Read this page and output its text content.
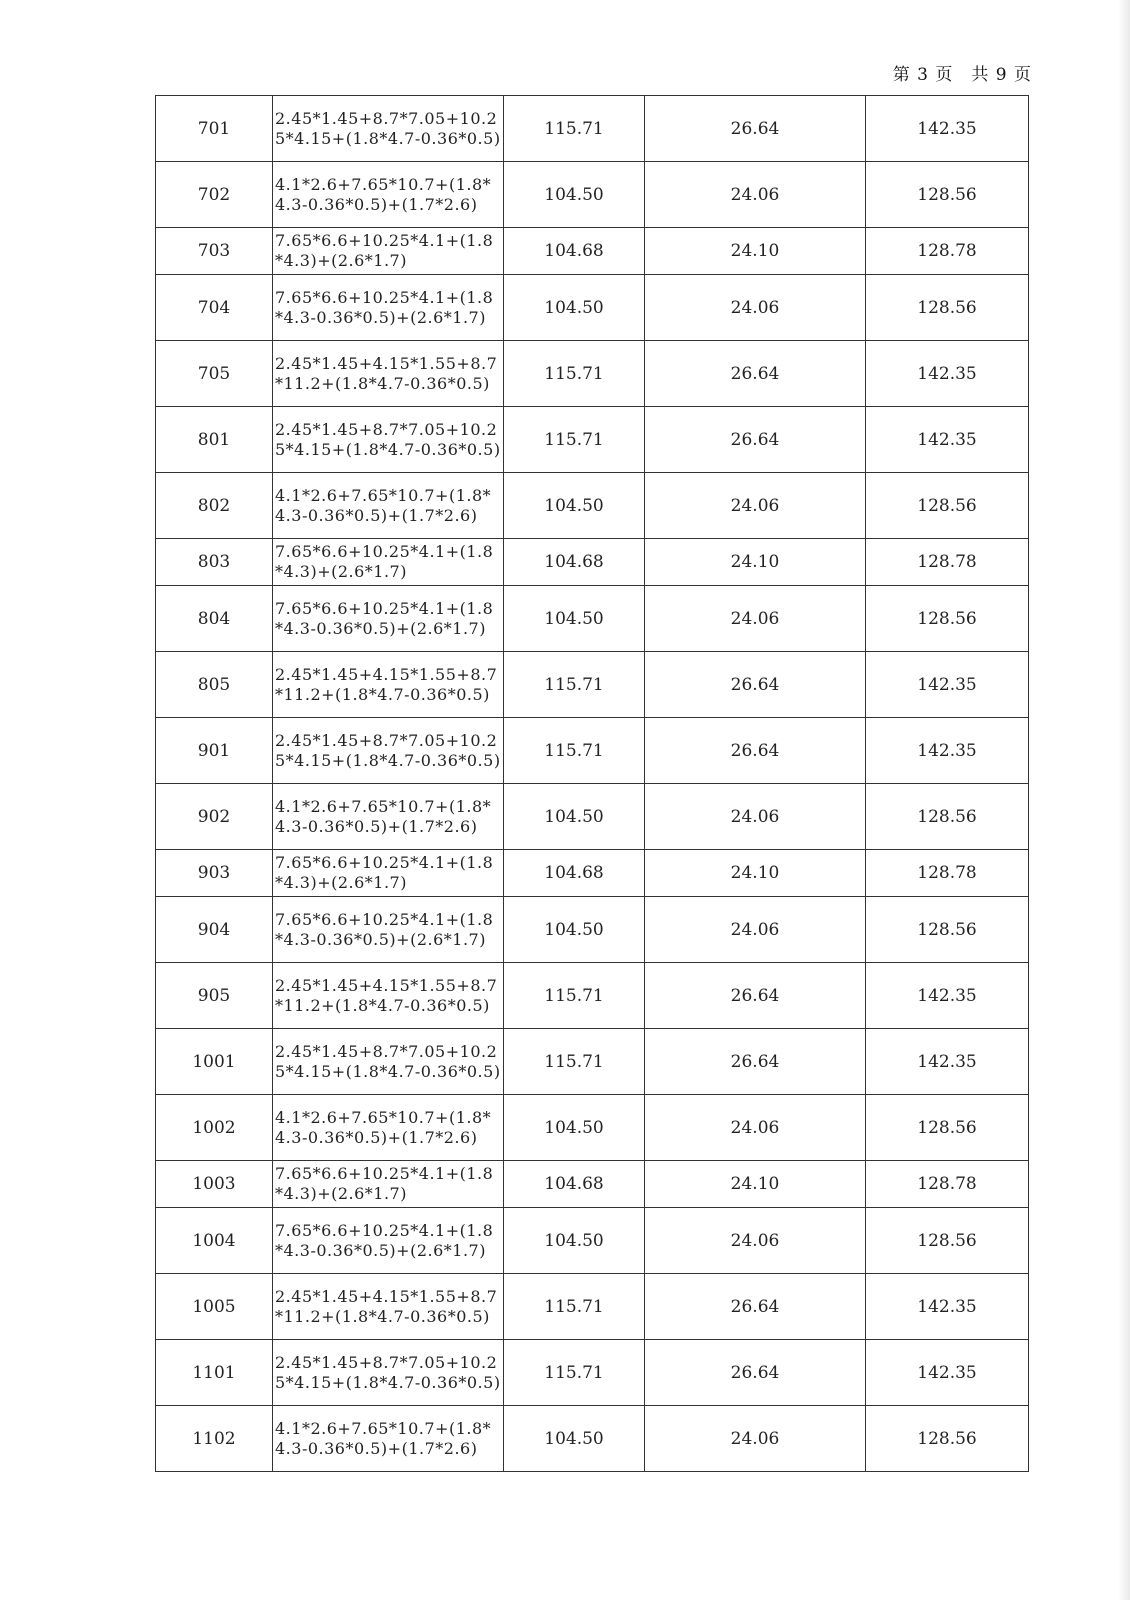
第 3 页 共 9 页
701	2.45*1.45+8.7*7.05+10.25*4.15+(1.8*4.7-0.36*0.5)	115.71	26.64	142.35
702	4.1*2.6+7.65*10.7+(1.8*4.3-0.36*0.5)+(1.7*2.6)	104.50	24.06	128.56
703	7.65*6.6+10.25*4.1+(1.8*4.3)+(2.6*1.7)	104.68	24.10	128.78
704	7.65*6.6+10.25*4.1+(1.8*4.3-0.36*0.5)+(2.6*1.7)	104.50	24.06	128.56
705	2.45*1.45+4.15*1.55+8.7*11.2+(1.8*4.7-0.36*0.5)	115.71	26.64	142.35
801	2.45*1.45+8.7*7.05+10.25*4.15+(1.8*4.7-0.36*0.5)	115.71	26.64	142.35
802	4.1*2.6+7.65*10.7+(1.8*4.3-0.36*0.5)+(1.7*2.6)	104.50	24.06	128.56
803	7.65*6.6+10.25*4.1+(1.8*4.3)+(2.6*1.7)	104.68	24.10	128.78
804	7.65*6.6+10.25*4.1+(1.8*4.3-0.36*0.5)+(2.6*1.7)	104.50	24.06	128.56
805	2.45*1.45+4.15*1.55+8.7*11.2+(1.8*4.7-0.36*0.5)	115.71	26.64	142.35
901	2.45*1.45+8.7*7.05+10.25*4.15+(1.8*4.7-0.36*0.5)	115.71	26.64	142.35
902	4.1*2.6+7.65*10.7+(1.8*4.3-0.36*0.5)+(1.7*2.6)	104.50	24.06	128.56
903	7.65*6.6+10.25*4.1+(1.8*4.3)+(2.6*1.7)	104.68	24.10	128.78
904	7.65*6.6+10.25*4.1+(1.8*4.3-0.36*0.5)+(2.6*1.7)	104.50	24.06	128.56
905	2.45*1.45+4.15*1.55+8.7*11.2+(1.8*4.7-0.36*0.5)	115.71	26.64	142.35
1001	2.45*1.45+8.7*7.05+10.25*4.15+(1.8*4.7-0.36*0.5)	115.71	26.64	142.35
1002	4.1*2.6+7.65*10.7+(1.8*4.3-0.36*0.5)+(1.7*2.6)	104.50	24.06	128.56
1003	7.65*6.6+10.25*4.1+(1.8*4.3)+(2.6*1.7)	104.68	24.10	128.78
1004	7.65*6.6+10.25*4.1+(1.8*4.3-0.36*0.5)+(2.6*1.7)	104.50	24.06	128.56
1005	2.45*1.45+4.15*1.55+8.7*11.2+(1.8*4.7-0.36*0.5)	115.71	26.64	142.35
1101	2.45*1.45+8.7*7.05+10.25*4.15+(1.8*4.7-0.36*0.5)	115.71	26.64	142.35
1102	4.1*2.6+7.65*10.7+(1.8*4.3-0.36*0.5)+(1.7*2.6)	104.50	24.06	128.56
